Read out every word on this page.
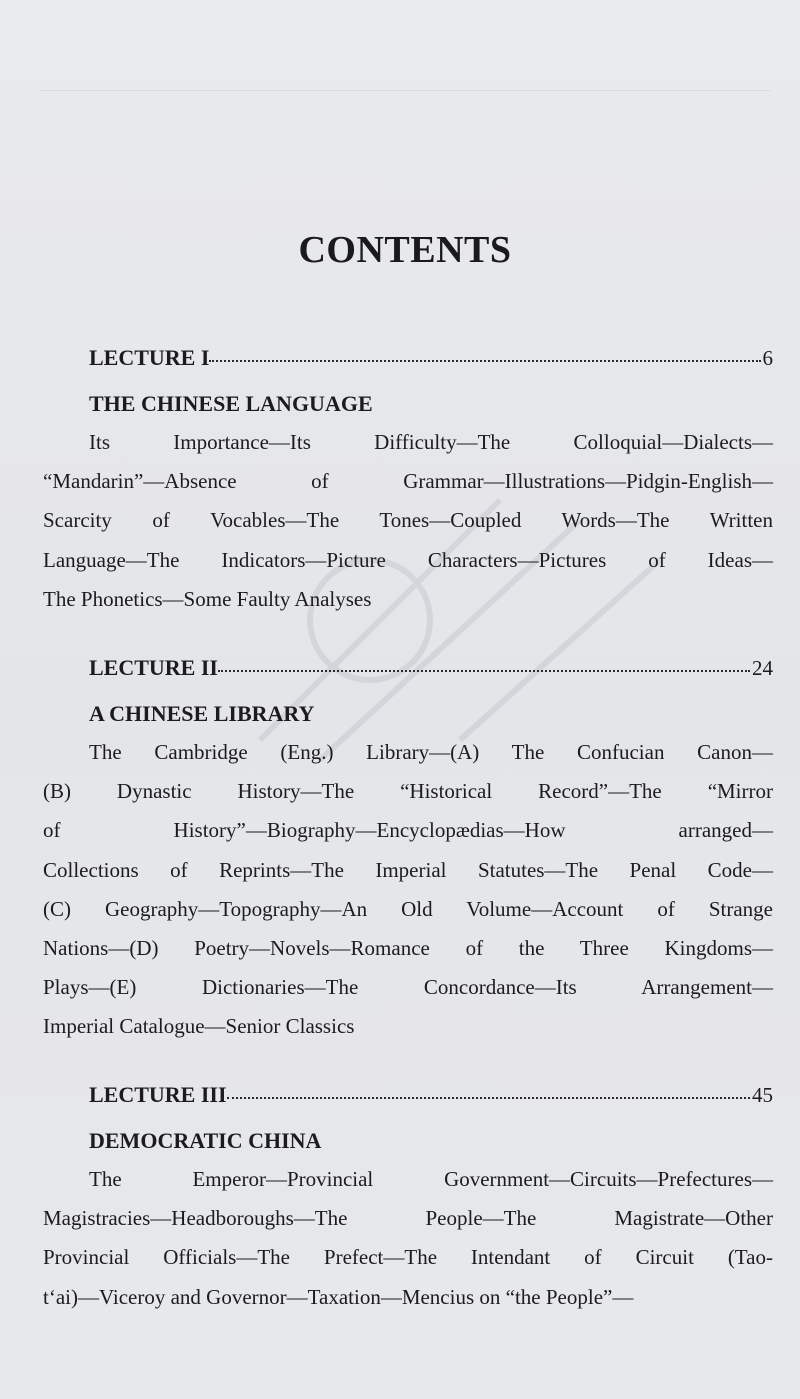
CONTENTS
LECTURE I	6
THE CHINESE LANGUAGE
Its Importance—Its Difficulty—The Colloquial—Dialects—
“Mandarin”—Absence of Grammar—Illustrations—Pidgin-English—
Scarcity of Vocables—The Tones—Coupled Words—The Written
Language—The Indicators—Picture Characters—Pictures of Ideas—
The Phonetics—Some Faulty Analyses
LECTURE II	24
A CHINESE LIBRARY
The Cambridge (Eng.) Library—(A) The Confucian Canon—
(B) Dynastic History—The “Historical Record”—The “Mirror
of History”—Biography—Encyclopædias—How arranged—
Collections of Reprints—The Imperial Statutes—The Penal Code—
(C) Geography—Topography—An Old Volume—Account of Strange
Nations—(D) Poetry—Novels—Romance of the Three Kingdoms—
Plays—(E) Dictionaries—The Concordance—Its Arrangement—
Imperial Catalogue—Senior Classics
LECTURE III	45
DEMOCRATIC CHINA
The Emperor—Provincial Government—Circuits—Prefectures—
Magistracies—Headboroughs—The People—The Magistrate—Other
Provincial Officials—The Prefect—The Intendant of Circuit (Tao-
t‘ai)—Viceroy and Governor—Taxation—Mencius on “the People”—
